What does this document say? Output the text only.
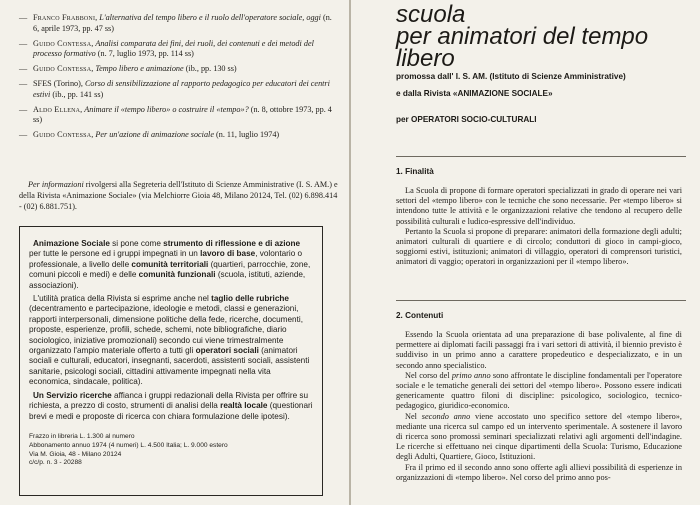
— Franco Frabboni, L'alternativa del tempo libero e il ruolo dell'operatore sociale, oggi (n. 6, aprile 1973, pp. 47 ss)
— Guido Contessa, Analisi comparata dei fini, dei ruoli, dei contenuti e dei metodi del processo formativo (n. 7, luglio 1973, pp. 114 ss)
— Guido Contessa, Tempo libero e animazione (ib., pp. 130 ss)
— SFES (Torino), Corso di sensibilizzazione al rapporto pedagogico per educatori dei centri estivi (ib., pp. 141 ss)
— Aldo Ellena, Animare il «tempo libero» o costruire il «tempo»? (n. 8, ottobre 1973, pp. 4 ss)
— Guido Contessa, Per un'azione di animazione sociale (n. 11, luglio 1974)

Per informazioni rivolgersi alla Segreteria dell'Istituto di Scienze Amministrative (I. S. AM.) e della Rivista «Animazione Sociale» (via Melchiorre Gioia 48, Milano 20124, Tel. (02) 6.898.414 - (02) 6.881.751).

Animazione Sociale si pone come strumento di riflessione e di azione per tutte le persone ed i gruppi impegnati in un lavoro di base, volontario o professionale, a livello delle comunità territoriali (quartieri, parrocchie, zone, comuni piccoli e medi) e delle comunità funzionali (scuola, istituti, aziende, associazioni).

L'utilità pratica della Rivista si esprime anche nel taglio delle rubriche (decentramento e partecipazione, ideologie e metodi, classi e generazioni, rapporti interpersonali, dimensione politiche della fede, ricerche, documenti, proposte, esperienze, profili, schede, schemi, note bibliografiche, diario sociologico, iniziative promozionali) secondo cui viene trimestralmente organizzato l'ampio materiale offerto a tutti gli operatori sociali (animatori sociali e culturali, educatori, insegnanti, sacerdoti, assistenti sociali, assistenti sanitarie, psicologi sociali, cittadini attivamente impegnati nella vita economica, sindacale, politica).

Un Servizio ricerche affianca i gruppi redazionali della Rivista per offrire su richiesta, a prezzo di costo, strumenti di analisi della realtà locale (questionari brevi e medi e proposte di ricerca con chiara formulazione delle ipotesi).

Frazzo in libreria L. 1.300 al numero
Abbonamento annuo 1974 (4 numeri) L. 4.500 Italia; L. 9.000 estero
Via M. Gioia, 48 - Milano 20124
c/c/p. n. 3 - 20288
scuola
per animatori del tempo libero
promossa dall' I. S. AM. (Istituto di Scienze Amministrative)
e dalla Rivista «ANIMAZIONE SOCIALE»
per OPERATORI SOCIO-CULTURALI
1. Finalità

La Scuola di propone di formare operatori specializzati in grado di operare nei vari settori del «tempo libero» con le tecniche che sono necessarie. Per «tempo libero» si intendono tutte le attività e le organizzazioni relative che tendono al recupero delle possibilità culturali e ludico-espressive dell'individuo.

Pertanto la Scuola si propone di preparare: animatori della formazione degli adulti; animatori culturali di quartiere e di circolo; conduttori di gioco in campi-gioco, soggiorni estivi, istituzioni; animatori di villaggio, operatori di comprensori turistici, animatori di vaggio; operatori in organizzazioni per il «tempo libero».

2. Contenuti

Essendo la Scuola orientata ad una preparazione di base polivalente, al fine di permettere ai diplomati facili passaggi fra i vari settori di attività, il biennio previsto è suddiviso in un primo anno a carattere propedeutico e despecializzato, e in un secondo anno specialistico.

Nel corso del primo anno sono affrontate le discipline fondamentali per l'operatore sociale e le tematiche generali dei settori del «tempo libero». Possono essere indicati genericamente quattro filoni di discipline: psicologico, sociologico, tecnico-pedagogico, giuridico-economico.

Nel secondo anno viene accostato uno specifico settore del «tempo libero», mediante una ricerca sul campo ed un intervento sperimentale. A sostenere il lavoro di ricerca sono promossi seminari specializzati relativi agli argomenti dell'indagine. Le ricerche si effettuano nei cinque dipartimenti della Scuola: Turismo, Educazione degli Adulti, Quartiere, Gioco, Istituzioni.

Fra il primo ed il secondo anno sono offerte agli allievi possibilità di esperienze in organizzazioni di «tempo libero». Nel corso del primo anno pos-
